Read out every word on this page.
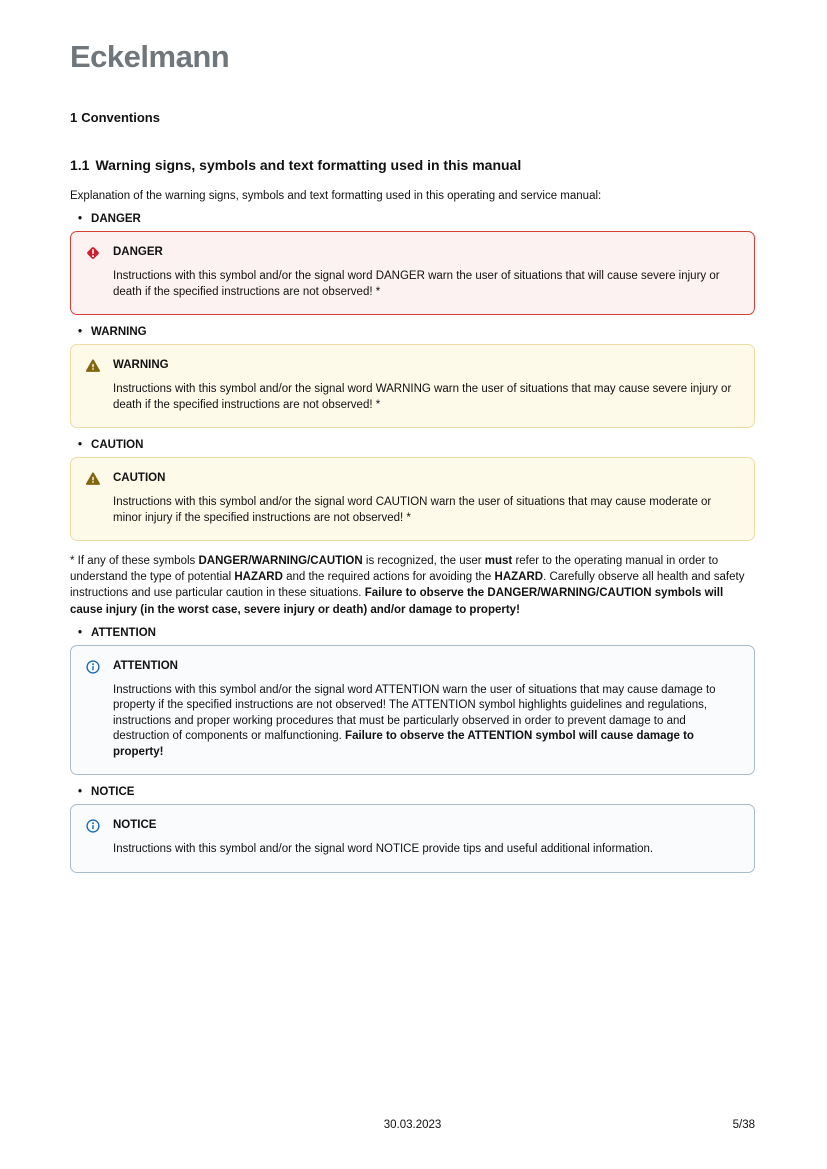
Eckelmann
1 Conventions
1.1 Warning signs, symbols and text formatting used in this manual

Explanation of the warning signs, symbols and text formatting used in this operating and service manual:

• DANGER
DANGER
Instructions with this symbol and/or the signal word DANGER warn the user of situations that will cause severe injury or death if the specified instructions are not observed! *
• WARNING
WARNING
Instructions with this symbol and/or the signal word WARNING warn the user of situations that may cause severe injury or death if the specified instructions are not observed! *
• CAUTION
CAUTION
Instructions with this symbol and/or the signal word CAUTION warn the user of situations that may cause moderate or minor injury if the specified instructions are not observed! *

* If any of these symbols DANGER/WARNING/CAUTION is recognized, the user must refer to the operating manual in order to understand the type of potential HAZARD and the required actions for avoiding the HAZARD. Carefully observe all health and safety instructions and use particular caution in these situations. Failure to observe the DANGER/WARNING/CAUTION symbols will cause injury (in the worst case, severe injury or death) and/or damage to property!

• ATTENTION
ATTENTION
Instructions with this symbol and/or the signal word ATTENTION warn the user of situations that may cause damage to property if the specified instructions are not observed! The ATTENTION symbol highlights guidelines and regulations, instructions and proper working procedures that must be particularly observed in order to prevent damage to and destruction of components or malfunctioning. Failure to observe the ATTENTION symbol will cause damage to property!
• NOTICE
NOTICE
Instructions with this symbol and/or the signal word NOTICE provide tips and useful additional information.
30.03.2023	5/38
